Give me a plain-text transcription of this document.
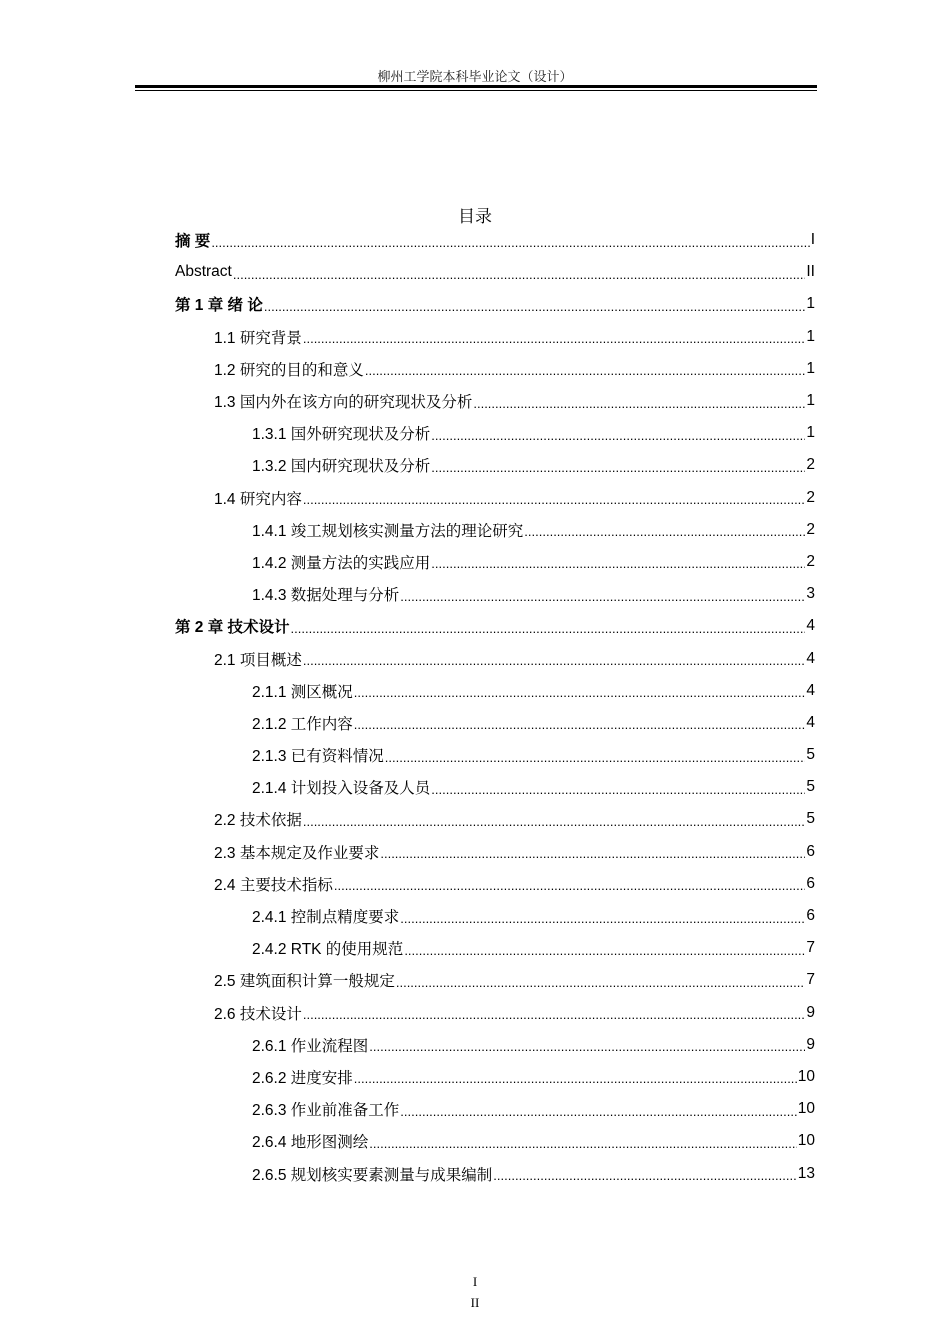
柳州工学院本科毕业论文（设计）
目录
摘 要 .....	I
Abstract .....	II
第 1 章 绪 论 .....	1
1.1 研究背景 .....	1
1.2 研究的目的和意义 .....	1
1.3 国内外在该方向的研究现状及分析 .....	1
1.3.1 国外研究现状及分析 .....	1
1.3.2 国内研究现状及分析 .....	2
1.4 研究内容 .....	2
1.4.1 竣工规划核实测量方法的理论研究 .....	2
1.4.2 测量方法的实践应用 .....	2
1.4.3 数据处理与分析 .....	3
第 2 章 技术设计 .....	4
2.1 项目概述 .....	4
2.1.1 测区概况 .....	4
2.1.2 工作内容 .....	4
2.1.3 已有资料情况 .....	5
2.1.4 计划投入设备及人员 .....	5
2.2 技术依据 .....	5
2.3 基本规定及作业要求 .....	6
2.4 主要技术指标 .....	6
2.4.1 控制点精度要求 .....	6
2.4.2 RTK 的使用规范 .....	7
2.5 建筑面积计算一般规定 .....	7
2.6 技术设计 .....	9
2.6.1 作业流程图 .....	9
2.6.2 进度安排 .....	10
2.6.3 作业前准备工作 .....	10
2.6.4 地形图测绘 .....	10
2.6.5 规划核实要素测量与成果编制 .....	13
I
II
